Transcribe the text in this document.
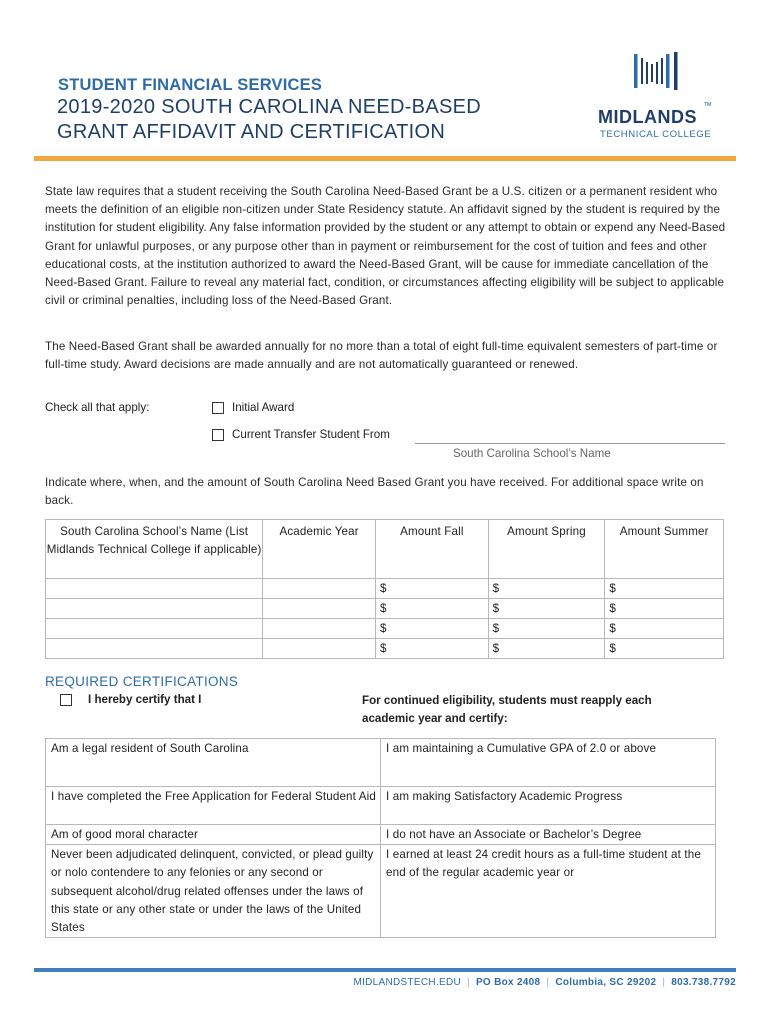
STUDENT FINANCIAL SERVICES
2019-2020 SOUTH CAROLINA NEED-BASED
GRANT AFFIDAVIT AND CERTIFICATION
MIDLANDS
TM
TECHNICAL COLLEGE
State law requires that a student receiving the South Carolina Need-Based Grant be a U.S. citizen or a permanent resident who meets the definition of an eligible non-citizen under State Residency statute. An affidavit signed by the student is required by the institution for student eligibility. Any false information provided by the student or any attempt to obtain or expend any Need-Based Grant for unlawful purposes, or any purpose other than in payment or reimbursement for the cost of tuition and fees and other educational costs, at the institution authorized to award the Need-Based Grant, will be cause for immediate cancellation of the Need-Based Grant. Failure to reveal any material fact, condition, or circumstances affecting eligibility will be subject to applicable civil or criminal penalties, including loss of the Need-Based Grant.
The Need-Based Grant shall be awarded annually for no more than a total of eight full-time equivalent semesters of part-time or full-time study. Award decisions are made annually and are not automatically guaranteed or renewed.
Check all that apply:	Initial Award
Current Transfer Student From
South Carolina School’s Name
Indicate where, when, and the amount of South Carolina Need Based Grant you have received. For additional space write on back.
South Carolina School’s Name (List Midlands Technical College if applicable)	Academic Year	Amount Fall	Amount Spring	Amount Summer
		$	$	$
		$	$	$
		$	$	$
		$	$	$
REQUIRED CERTIFICATIONS
I hereby certify that I	For continued eligibility, students must reapply each academic year and certify:
Am a legal resident of South Carolina	I am maintaining a Cumulative GPA of 2.0 or above
I have completed the Free Application for Federal Student Aid	I am making Satisfactory Academic Progress
Am of good moral character	I do not have an Associate or Bachelor’s Degree
Never been adjudicated delinquent, convicted, or plead guilty or nolo contendere to any felonies or any second or subsequent alcohol/drug related offenses under the laws of this state or any other state or under the laws of the United States	I earned at least 24 credit hours as a full-time student at the end of the regular academic year or
MIDLANDSTECH.EDU | PO Box 2408 | Columbia, SC 29202 | 803.738.7792
